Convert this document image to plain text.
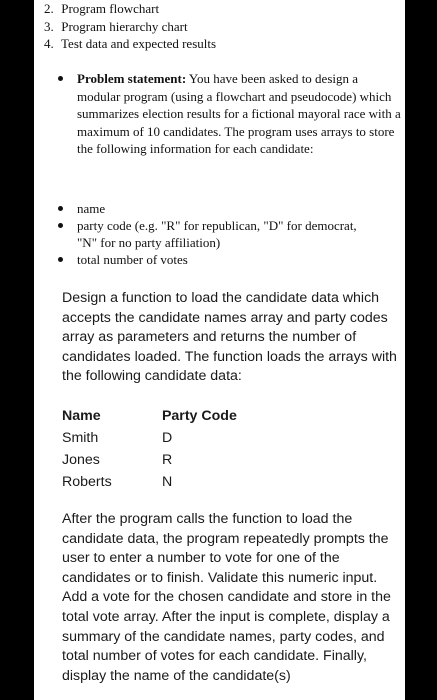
2. Program flowchart
3. Program hierarchy chart
4. Test data and expected results
Problem statement: You have been asked to design a modular program (using a flowchart and pseudocode) which summarizes election results for a fictional mayoral race with a maximum of 10 candidates. The program uses arrays to store the following information for each candidate:
name
party code (e.g. "R" for republican, "D" for democrat, "N" for no party affiliation)
total number of votes
Design a function to load the candidate data which accepts the candidate names array and party codes array as parameters and returns the number of candidates loaded. The function loads the arrays with the following candidate data:
Name	Party Code
Smith	D
Jones	R
Roberts	N
After the program calls the function to load the candidate data, the program repeatedly prompts the user to enter a number to vote for one of the candidates or to finish. Validate this numeric input. Add a vote for the chosen candidate and store in the total vote array. After the input is complete, display a summary of the candidate names, party codes, and total number of votes for each candidate. Finally, display the name of the candidate(s)
